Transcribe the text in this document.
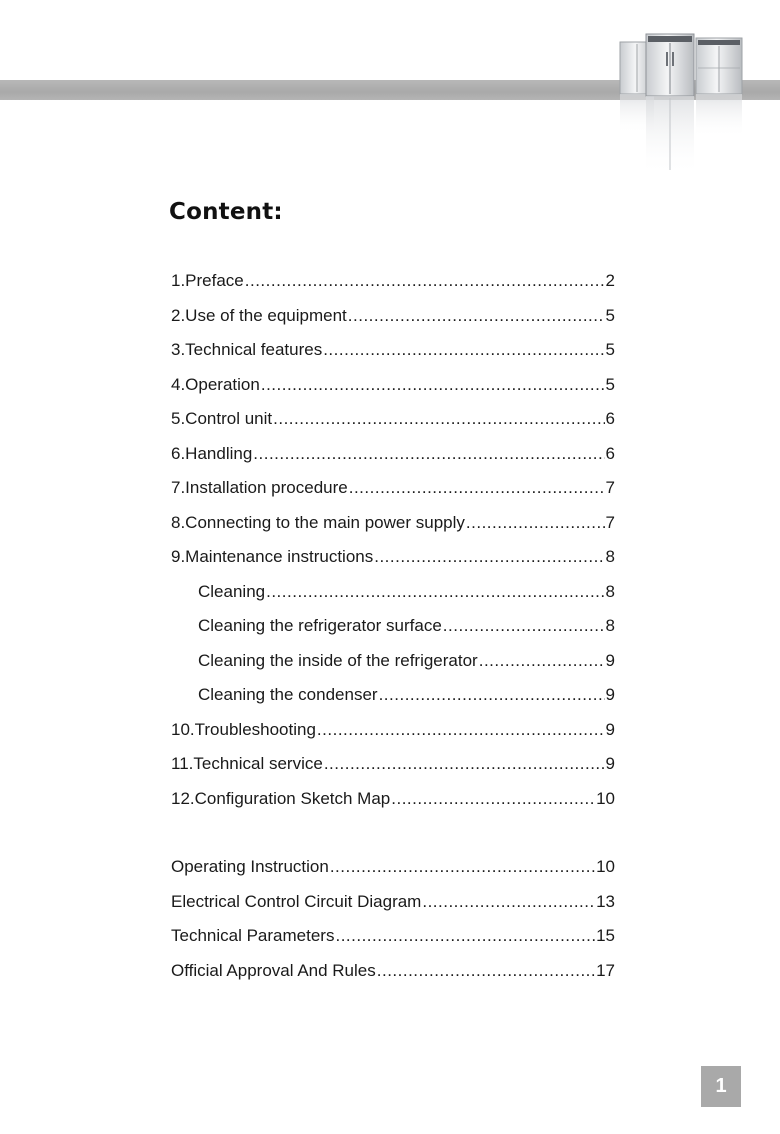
Content:
1.Preface .....	2
2.Use of the equipment .....	5
3.Technical features .....	5
4.Operation .....	5
5.Control unit .....	6
6.Handling .....	6
7.Installation procedure .....	7
8.Connecting to the main power supply .....	7
9.Maintenance instructions .....	8
Cleaning .....	8
Cleaning the refrigerator surface .....	8
Cleaning the inside of the refrigerator .....	9
Cleaning the condenser .....	9
10.Troubleshooting .....	9
11.Technical service .....	9
12.Configuration Sketch Map .....	10
Operating Instruction .....	10
Electrical Control Circuit Diagram .....	13
Technical Parameters .....	15
Official Approval And Rules .....	17
1
